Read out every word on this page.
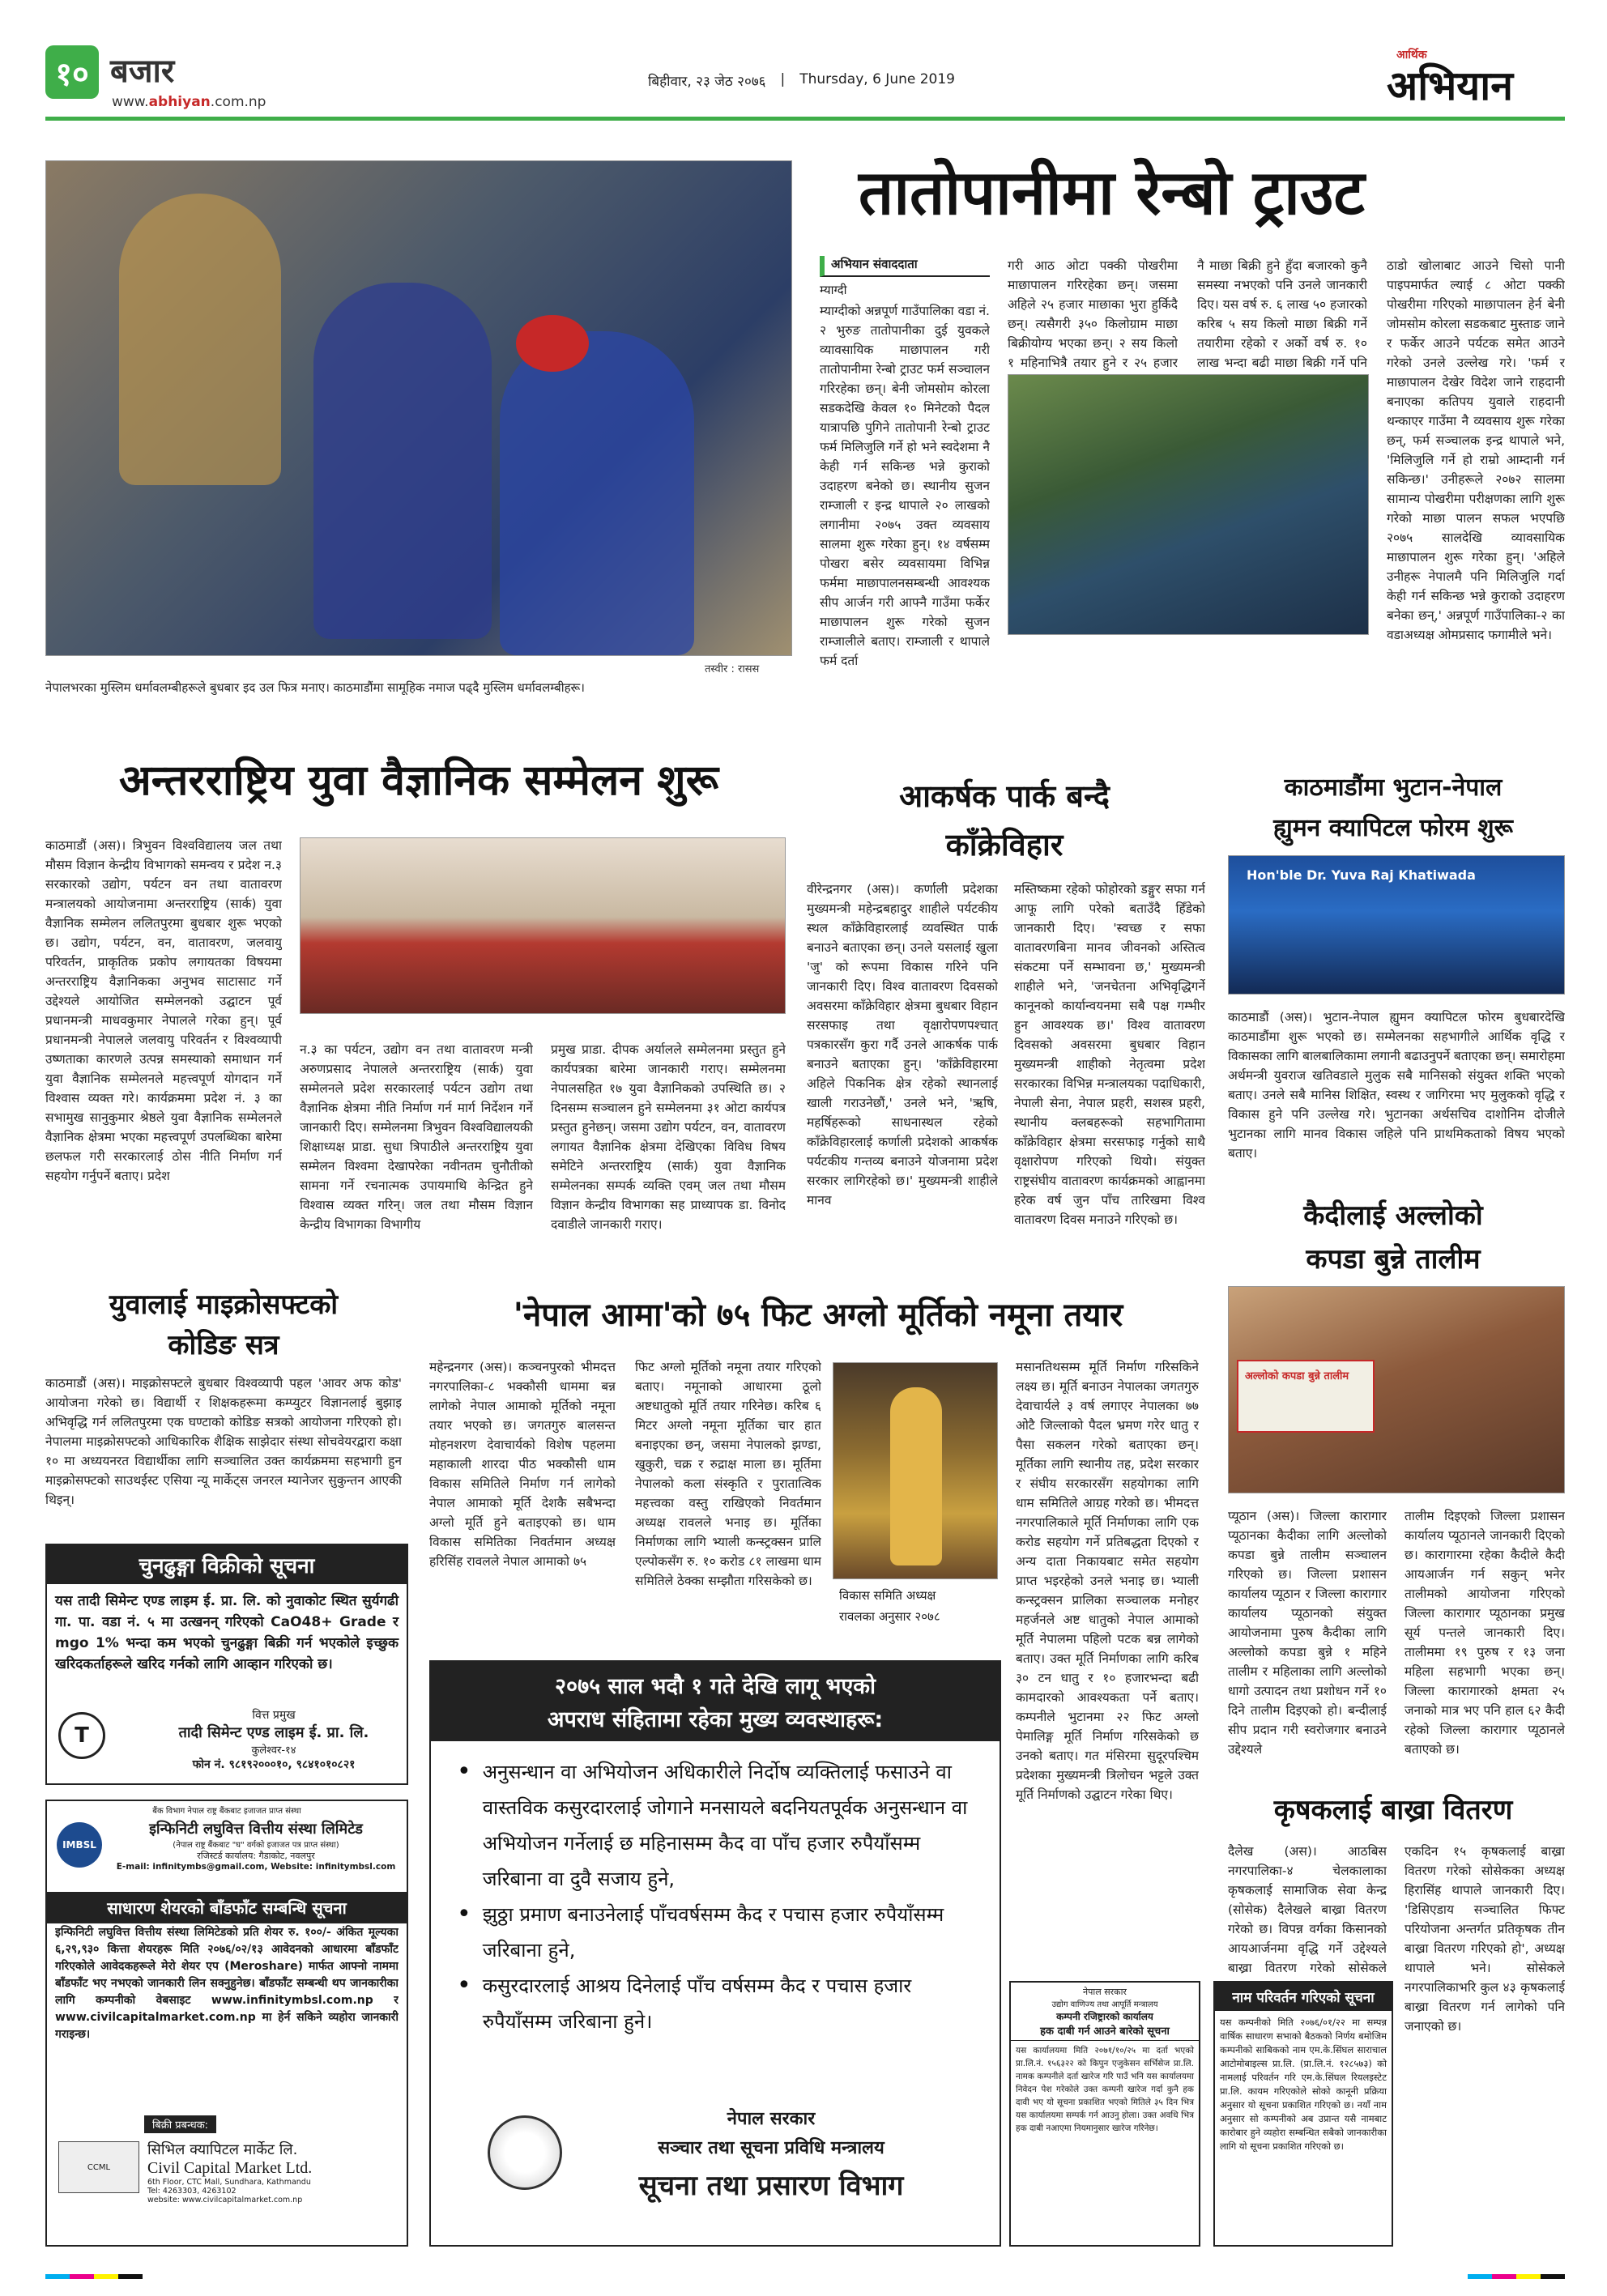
१० बजार
www.abhiyan.com.np
बिहीवार, २३ जेठ २०७६ | Thursday, 6 June 2019
आर्थिक
अभियान
तस्वीर : रासस
नेपालभरका मुस्लिम धर्मावलम्बीहरूले बुधबार इद उल फित्र मनाए। काठमाडौंमा सामूहिक नमाज पढ्दै मुस्लिम धर्मावलम्बीहरू।
तातोपानीमा रेन्बो ट्राउट
अभियान संवाददाता
म्याग्दी
म्याग्दीको अन्नपूर्ण गाउँपालिका वडा नं. २ भुरुङ तातोपानीका दुई युवकले व्यावसायिक माछापालन गरी तातोपानीमा रेन्बो ट्राउट फर्म सञ्चालन गरिरहेका छन्। बेनी जोमसोम कोरला सडकदेखि केवल १० मिनेटको पैदल यात्रापछि पुगिने तातोपानी रेन्बो ट्राउट फर्म मिलिजुलि गर्ने हो भने स्वदेशमा नै केही गर्न सकिन्छ भन्ने कुराको उदाहरण बनेको छ। स्थानीय सुजन राम्जाली र इन्द्र थापाले २० लाखको लगानीमा २०७५ उक्त व्यवसाय सालमा शुरू गरेका हुन्। १४ वर्षसम्म पोखरा बसेर व्यवसायमा विभिन्न फर्ममा माछापालनसम्बन्धी आवश्यक सीप आर्जन गरी आफ्नै गाउँमा फर्केर माछापालन शुरू गरेको सुजन राम्जालीले बताए। राम्जाली र थापाले फर्म दर्ता
गरी आठ ओटा पक्की पोखरीमा माछापालन गरिरहेका छन्। जसमा अहिले २५ हजार माछाका भुरा हुर्किदै छन्। त्यसैगरी ३५० किलोग्राम माछा बिक्रीयोग्य भएका छन्। २ सय किलो १ महिनाभित्रै तयार हुने र २५ हजार
नै माछा बिक्री हुने हुँदा बजारको कुनै समस्या नभएको पनि उनले जानकारी दिए। यस वर्ष रु. ६ लाख ५० हजारको करिब ५ सय किलो माछा बिक्री गर्ने तयारीमा रहेको र अर्को वर्ष रु. १० लाख भन्दा बढी माछा बिक्री गर्ने पनि
ठाडो खोलाबाट आउने चिसो पानी पाइपमार्फत ल्याई ८ ओटा पक्की पोखरीमा गरिएको माछापालन हेर्न बेनी जोमसोम कोरला सडकबाट मुस्ताङ जाने र फर्केर आउने पर्यटक समेत आउने गरेको उनले उल्लेख गरे। 'फर्म र माछापालन देखेर विदेश जाने राहदानी बनाएका कतिपय युवाले राहदानी थन्काएर गाउँमा नै व्यवसाय शुरू गरेका छन्, फर्म सञ्चालक इन्द्र थापाले भने, 'मिलिजुलि गर्ने हो राम्रो आम्दानी गर्न सकिन्छ।' उनीहरूले २०७२ सालमा सामान्य पोखरीमा परीक्षणका लागि शुरू गरेको माछा पालन सफल भएपछि २०७५ सालदेखि व्यावसायिक माछापालन शुरू गरेका हुन्। 'अहिले उनीहरू नेपालमै पनि मिलिजुलि गर्दा केही गर्न सकिन्छ भन्ने कुराको उदाहरण बनेका छन्,' अन्नपूर्ण गाउँपालिका-२ का वडाअध्यक्ष ओमप्रसाद फगामीले भने।
अन्तरराष्ट्रिय युवा वैज्ञानिक सम्मेलन शुरू
काठमाडौं (अस)। त्रिभुवन विश्वविद्यालय जल तथा मौसम विज्ञान केन्द्रीय विभागको समन्वय र प्रदेश न.३ सरकारको उद्योग, पर्यटन वन तथा वातावरण मन्त्रालयको आयोजनामा अन्तरराष्ट्रिय (सार्क) युवा वैज्ञानिक सम्मेलन ललितपुरमा बुधबार शुरू भएको छ। उद्योग, पर्यटन, वन, वातावरण, जलवायु परिवर्तन, प्राकृतिक प्रकोप लगायतका विषयमा अन्तरराष्ट्रिय वैज्ञानिकका अनुभव साटासाट गर्ने उद्देश्यले आयोजित सम्मेलनको उद्घाटन पूर्व प्रधानमन्त्री माधवकुमार नेपालले गरेका हुन्। पूर्व प्रधानमन्त्री नेपालले जलवायु परिवर्तन र विश्वव्यापी उष्णताका कारणले उत्पन्न समस्याको समाधान गर्न युवा वैज्ञानिक सम्मेलनले महत्त्वपूर्ण योगदान गर्ने विश्वास व्यक्त गरे। कार्यक्रममा प्रदेश नं. ३ का सभामुख सानुकुमार श्रेष्ठले युवा वैज्ञानिक सम्मेलनले वैज्ञानिक क्षेत्रमा भएका महत्त्वपूर्ण उपलब्धिका बारेमा छलफल गरी सरकारलाई ठोस नीति निर्माण गर्न सहयोग गर्नुपर्ने बताए। प्रदेश
न.३ का पर्यटन, उद्योग वन तथा वातावरण मन्त्री अरुणप्रसाद नेपालले अन्तरराष्ट्रिय (सार्क) युवा सम्मेलनले प्रदेश सरकारलाई पर्यटन उद्योग तथा वैज्ञानिक क्षेत्रमा नीति निर्माण गर्न मार्ग निर्देशन गर्ने जानकारी दिए। सम्मेलनमा त्रिभुवन विश्वविद्यालयकी शिक्षाध्यक्ष प्राडा. सुधा त्रिपाठीले अन्तरराष्ट्रिय युवा सम्मेलन विश्वमा देखापरेका नवीनतम चुनौतीको सामना गर्ने रचनात्मक उपायमाथि केन्द्रित हुने विश्वास व्यक्त गरिन्। जल तथा मौसम विज्ञान केन्द्रीय विभागका विभागीय
प्रमुख प्राडा. दीपक अर्यालले सम्मेलनमा प्रस्तुत हुने कार्यपत्रका बारेमा जानकारी गराए। सम्मेलनमा नेपालसहित १७ युवा वैज्ञानिकको उपस्थिति छ। २ दिनसम्म सञ्चालन हुने सम्मेलनमा ३१ ओटा कार्यपत्र प्रस्तुत हुनेछन्। जसमा उद्योग पर्यटन, वन, वातावरण लगायत वैज्ञानिक क्षेत्रमा देखिएका विविध विषय समेटिने अन्तरराष्ट्रिय (सार्क) युवा वैज्ञानिक सम्मेलनका सम्पर्क व्यक्ति एवम् जल तथा मौसम विज्ञान केन्द्रीय विभागका सह प्राध्यापक डा. विनोद दवाडीले जानकारी गराए।
आकर्षक पार्क बन्दै
काँक्रेविहार
वीरेन्द्रनगर (अस)। कर्णाली प्रदेशका मुख्यमन्त्री महेन्द्रबहादुर शाहीले पर्यटकीय स्थल काँक्रेविहारलाई व्यवस्थित पार्क बनाउने बताएका छन्। उनले यसलाई खुला 'जु' को रूपमा विकास गरिने पनि जानकारी दिए। विश्व वातावरण दिवसको अवसरमा काँक्रेविहार क्षेत्रमा बुधबार विहान सरसफाइ तथा वृक्षारोपणपश्चात् पत्रकारसँग कुरा गर्दै उनले आकर्षक पार्क बनाउने बताएका हुन्। 'काँक्रेविहारमा अहिले पिकनिक क्षेत्र रहेको स्थानलाई खाली गराउनेछौं,' उनले भने, 'ऋषि, महर्षिहरूको साधनास्थल रहेको काँक्रेविहारलाई कर्णाली प्रदेशको आकर्षक पर्यटकीय गन्तव्य बनाउने योजनामा प्रदेश सरकार लागिरहेको छ।' मुख्यमन्त्री शाहीले मानव
मस्तिष्कमा रहेको फोहोरको डङ्गुर सफा गर्न आफू लागि परेको बताउँदै हिँडेको जानकारी दिए। 'स्वच्छ र सफा वातावरणबिना मानव जीवनको अस्तित्व संकटमा पर्ने सम्भावना छ,' मुख्यमन्त्री शाहीले भने, 'जनचेतना अभिवृद्धिगर्ने कानूनको कार्यान्वयनमा सबै पक्ष गम्भीर हुन आवश्यक छ।' विश्व वातावरण दिवसको अवसरमा बुधबार विहान मुख्यमन्त्री शाहीको नेतृत्वमा प्रदेश सरकारका विभिन्न मन्त्रालयका पदाधिकारी, नेपाली सेना, नेपाल प्रहरी, सशस्त्र प्रहरी, स्थानीय क्लबहरूको सहभागितामा काँक्रेविहार क्षेत्रमा सरसफाइ गर्नुको साथै वृक्षारोपण गरिएको थियो। संयुक्त राष्ट्रसंघीय वातावरण कार्यक्रमको आह्वानमा हरेक वर्ष जुन पाँच तारिखमा विश्व वातावरण दिवस मनाउने गरिएको छ।
काठमाडौंमा भुटान-नेपाल
ह्युमन क्यापिटल फोरम शुरू
Hon'ble Dr. Yuva Raj Khatiwada
काठमाडौं (अस)। भुटान-नेपाल ह्युमन क्यापिटल फोरम बुधबारदेखि काठमाडौंमा शुरू भएको छ। सम्मेलनका सहभागीले आर्थिक वृद्धि र विकासका लागि बालबालिकामा लगानी बढाउनुपर्ने बताएका छन्। समारोहमा अर्थमन्त्री युवराज खतिवडाले मुलुक सबै मानिसको संयुक्त शक्ति भएको बताए। उनले सबै मानिस शिक्षित, स्वस्थ र जागिरमा भए मुलुकको वृद्धि र विकास हुने पनि उल्लेख गरे। भुटानका अर्थसचिव दाशोनिम दोजीले भुटानका लागि मानव विकास जहिले पनि प्राथमिकताको विषय भएको बताए।
कैदीलाई अल्लोको
कपडा बुन्ने तालीम
अल्लोको कपडा बुन्ने तालीम
प्यूठान (अस)। जिल्ला कारागार प्यूठानका कैदीका लागि अल्लोको कपडा बुन्ने तालीम सञ्चालन गरिएको छ। जिल्ला प्रशासन कार्यालय प्यूठान र जिल्ला कारागार कार्यालय प्यूठानको संयुक्त आयोजनामा पुरुष कैदीका लागि अल्लोको कपडा बुन्ने १ महिने तालीम र महिलाका लागि अल्लोको धागो उत्पादन तथा प्रशोधन गर्ने १० दिने तालीम दिइएको हो। बन्दीलाई सीप प्रदान गरी स्वरोजगार बनाउने उद्देश्यले
तालीम दिइएको जिल्ला प्रशासन कार्यालय प्यूठानले जानकारी दिएको छ। कारागारमा रहेका कैदीले कैदी आयआर्जन गर्न सकुन् भनेर तालीमको आयोजना गरिएको जिल्ला कारागार प्यूठानका प्रमुख सूर्य पन्तले जानकारी दिए। तालीममा १९ पुरुष र १३ जना महिला सहभागी भएका छन्। जिल्ला कारागारको क्षमता २५ जनाको मात्र भए पनि हाल ६२ कैदी रहेको जिल्ला कारागार प्यूठानले बताएको छ।
कृषकलाई बाख्रा वितरण
दैलेख (अस)। आठबिस नगरपालिका-४ चेलकालाका कृषकलाई सामाजिक सेवा केन्द्र (सोसेक) दैलेखले बाख्रा वितरण गरेको छ। विपन्न वर्गका किसानको आयआर्जनमा वृद्धि गर्ने उद्देश्यले बाख्रा वितरण गरेको सोसेकले
एकदिन १५ कृषकलाई बाख्रा वितरण गरेको सोसेकका अध्यक्ष हिरासिंह थापाले जानकारी दिए। 'डिसिएडाय सञ्चालित फिफ्ट परियोजना अन्तर्गत प्रतिकृषक तीन बाख्रा वितरण गरिएको हो', अध्यक्ष थापाले भने। सोसेकले नगरपालिकाभरि कुल ४३ कृषकलाई बाख्रा वितरण गर्न लागेको पनि जनाएको छ।
नाम परिवर्तन गरिएको सूचना
यस कम्पनीको मिति २०७६/०१/२२ मा सम्पन्न वार्षिक साधारण सभाको बैठकको निर्णय बमोजिम कम्पनीको साबिकको नाम एम.के.सिंघल साराचाल आटोमोबाइल्स प्रा.लि. (प्रा.लि.नं. १२८५७३) को नामलाई परिवर्तन गरि एम.के.सिंघल रियलइस्टेट प्रा.लि. कायम गरिएकोले सोको कानूनी प्रक्रिया अनुसार यो सूचना प्रकाशित गरिएको छ। नयाँ नाम अनुसार सो कम्पनीको अब उप्रान्त यसै नामबाट कारोबार हुने व्यहोरा सम्बन्धित सबैको जानकारीका लागि यो सूचना प्रकाशित गरिएको छ।
युवालाई माइक्रोसफ्टको
कोडिङ सत्र
काठमाडौं (अस)। माइक्रोसफ्टले बुधबार विश्वव्यापी पहल 'आवर अफ कोड' आयोजना गरेको छ। विद्यार्थी र शिक्षकहरूमा कम्प्युटर विज्ञानलाई बुझाइ अभिवृद्धि गर्न ललितपुरमा एक घण्टाको कोडिङ सत्रको आयोजना गरिएको हो। नेपालमा माइक्रोसफ्टको आधिकारिक शैक्षिक साझेदार संस्था सोचवेयरद्वारा कक्षा १० मा अध्ययनरत विद्यार्थीका लागि सञ्चालित उक्त कार्यक्रममा सहभागी हुन माइक्रोसफ्टको साउथईस्ट एसिया न्यू मार्केट्स जनरल म्यानेजर सुकुन्तन आएकी थिइन्।
'नेपाल आमा'को ७५ फिट अग्लो मूर्तिको नमूना तयार
महेन्द्रनगर (अस)। कञ्चनपुरको भीमदत्त नगरपालिका-८ भक्कौसी धाममा बन्न लागेको नेपाल आमाको मूर्तिको नमूना तयार भएको छ। जगतगुरु बालसन्त मोहनशरण देवाचार्यको विशेष पहलमा महाकाली शारदा पीठ भक्कौसी धाम विकास समितिले निर्माण गर्न लागेको नेपाल आमाको मूर्ति देशकै सबैभन्दा अग्लो मूर्ति हुने बताइएको छ। धाम विकास समितिका निवर्तमान अध्यक्ष हरिसिंह रावलले नेपाल आमाको ७५
फिट अग्लो मूर्तिको नमूना तयार गरिएको बताए। नमूनाको आधारमा ठूलो अष्टधातुको मूर्ति तयार गरिनेछ। करिब ६ मिटर अग्लो नमूना मूर्तिका चार हात बनाइएका छन्, जसमा नेपालको झण्डा, खुकुरी, चक्र र रुद्राक्ष माला छ। मूर्तिमा नेपालको कला संस्कृति र पुरातात्विक महत्त्वका वस्तु राखिएको निवर्तमान अध्यक्ष रावलले भनाइ छ। मूर्तिका निर्माणका लागि भ्याली कन्स्ट्रक्सन प्रालि एल्पोकसँग रु. १० करोड ८१ लाखमा धाम समितिले ठेक्का सम्झौता गरिसकेको छ।
विकास समिति अध्यक्ष
रावलका अनुसार २०७८
मसानतिथसम्म मूर्ति निर्माण गरिसकिने लक्ष्य छ। मूर्ति बनाउन नेपालका जगतगुरु देवाचार्यले ३ वर्ष लगाएर नेपालका ७७ ओटै जिल्लाको पैदल भ्रमण गरेर धातु र पैसा सकलन गरेको बताएका छन्। मूर्तिका लागि स्थानीय तह, प्रदेश सरकार र संघीय सरकारसँग सहयोगका लागि धाम समितिले आग्रह गरेको छ। भीमदत्त नगरपालिकाले मूर्ति निर्माणका लागि एक करोड सहयोग गर्ने प्रतिबद्धता दिएको र अन्य दाता निकायबाट समेत सहयोग प्राप्त भइरहेको उनले भनाइ छ। भ्याली कन्स्ट्रक्सन प्रालिका सञ्चालक मनोहर महर्जनले अष्ट धातुको नेपाल आमाको मूर्ति नेपालमा पहिलो पटक बन्न लागेको बताए। उक्त मूर्ति निर्माणका लागि करिब ३० टन धातु र १० हजारभन्दा बढी कामदारको आवश्यकता पर्ने बताए। कम्पनीले भुटानमा २२ फिट अग्लो पेमालिङ्ग मूर्ति निर्माण गरिसकेको छ उनको बताए। गत मंसिरमा सुदूरपश्चिम प्रदेशका मुख्यमन्त्री त्रिलोचन भट्टले उक्त मूर्ति निर्माणको उद्घाटन गरेका थिए।
चुनढुङ्गा विक्रीको सूचना
यस तादी सिमेन्ट एण्ड लाइम ई. प्रा. लि. को नुवाकोट स्थित सुर्यगढी गा. पा. वडा नं. ५ मा उत्खनन् गरिएको CaO48+ Grade र mgo 1% भन्दा कम भएको चुनढुङ्गा बिक्री गर्न भएकोले इच्छुक खरिदकर्ताहरूले खरिद गर्नको लागि आव्हान गरिएको छ।
T
वित्त प्रमुख
तादी सिमेन्ट एण्ड लाइम ई. प्रा. लि.
कुलेश्वर-१४
फोन नं. ९८१९२०००१०, ९८४१०१०८२१
बैंक विभाग नेपाल राष्ट्र बैंकबाट इजाजत प्राप्त संस्था
IMBSL
इन्फिनिटी लघुवित्त वित्तीय संस्था लिमिटेड
(नेपाल राष्ट्र बैंकबाट "घ" वर्गको इजाजत पत्र प्राप्त संस्था)
रजिस्टर्ड कार्यालय: गैडाकोट, नवलपुर
E-mail: infinitymbs@gmail.com, Website: infinitymbsl.com
साधारण शेयरको बाँडफाँट सम्बन्धि सूचना
इन्फिनिटी लघुवित्त वित्तीय संस्था लिमिटेडको प्रति शेयर रु. १००/- अंकित मूल्यका ६,२९,९३० कित्ता शेयरहरू मिति २०७६/०२/१३ आवेदनको आधारमा बाँडफाँट गरिएकोले आवेदकहरूले मेरो शेयर एप (Meroshare) मार्फत आफ्नो नाममा बाँडफाँट भए नभएको जानकारी लिन सक्नुहुनेछ। बाँडफाँट सम्बन्धी थप जानकारीका लागि कम्पनीको वेबसाइट www.infinitymbsl.com.np र www.civilcapitalmarket.com.np मा हेर्न सकिने व्यहोरा जानकारी गराइन्छ।
बिक्री प्रबन्धक:
CCML
सिभिल क्यापिटल मार्केट लि.
Civil Capital Market Ltd.
6th Floor, CTC Mall, Sundhara, Kathmandu
Tel: 4263303, 4263102
website: www.civilcapitalmarket.com.np
२०७५ साल भदौ १ गते देखि लागू भएको
अपराध संहितामा रहेका मुख्य व्यवस्थाहरू:
• अनुसन्धान वा अभियोजन अधिकारीले निर्दोष व्यक्तिलाई फसाउने वा वास्तविक कसुरदारलाई जोगाने मनसायले बदनियतपूर्वक अनुसन्धान वा अभियोजन गर्नेलाई छ महिनासम्म कैद वा पाँच हजार रुपैयाँसम्म जरिबाना वा दुवै सजाय हुने,
• झुठ्ठा प्रमाण बनाउनेलाई पाँचवर्षसम्म कैद र पचास हजार रुपैयाँसम्म जरिबाना हुने,
• कसुरदारलाई आश्रय दिनेलाई पाँच वर्षसम्म कैद र पचास हजार रुपैयाँसम्म जरिबाना हुने।
नेपाल सरकार
सञ्चार तथा सूचना प्रविधि मन्त्रालय
सूचना तथा प्रसारण विभाग
नेपाल सरकार
उद्योग वाणिज्य तथा आपूर्ति मन्त्रालय
कम्पनी रजिष्ट्रारको कार्यालय
हक दाबी गर्न आउने बारेको सूचना
यस कार्यालयमा मिति २०७१/१०/२५ मा दर्ता भएको प्रा.लि.नं. १५६३२२ को किपुन एजुकेसन सर्भिसेज प्रा.लि. नामक कम्पनीले दर्ता खारेज गरि पाउँ भनि यस कार्यालयमा निवेदन पेश गरेकोले उक्त कम्पनी खारेज गर्दा कुनै हक दावी भए यो सूचना प्रकाशित भएको मितिले ३५ दिन भित्र यस कार्यालयमा सम्पर्क गर्न आउनु होला। उक्त अवधि भित्र हक दाबी नआएमा नियमानुसार खारेज गरिनेछ।
